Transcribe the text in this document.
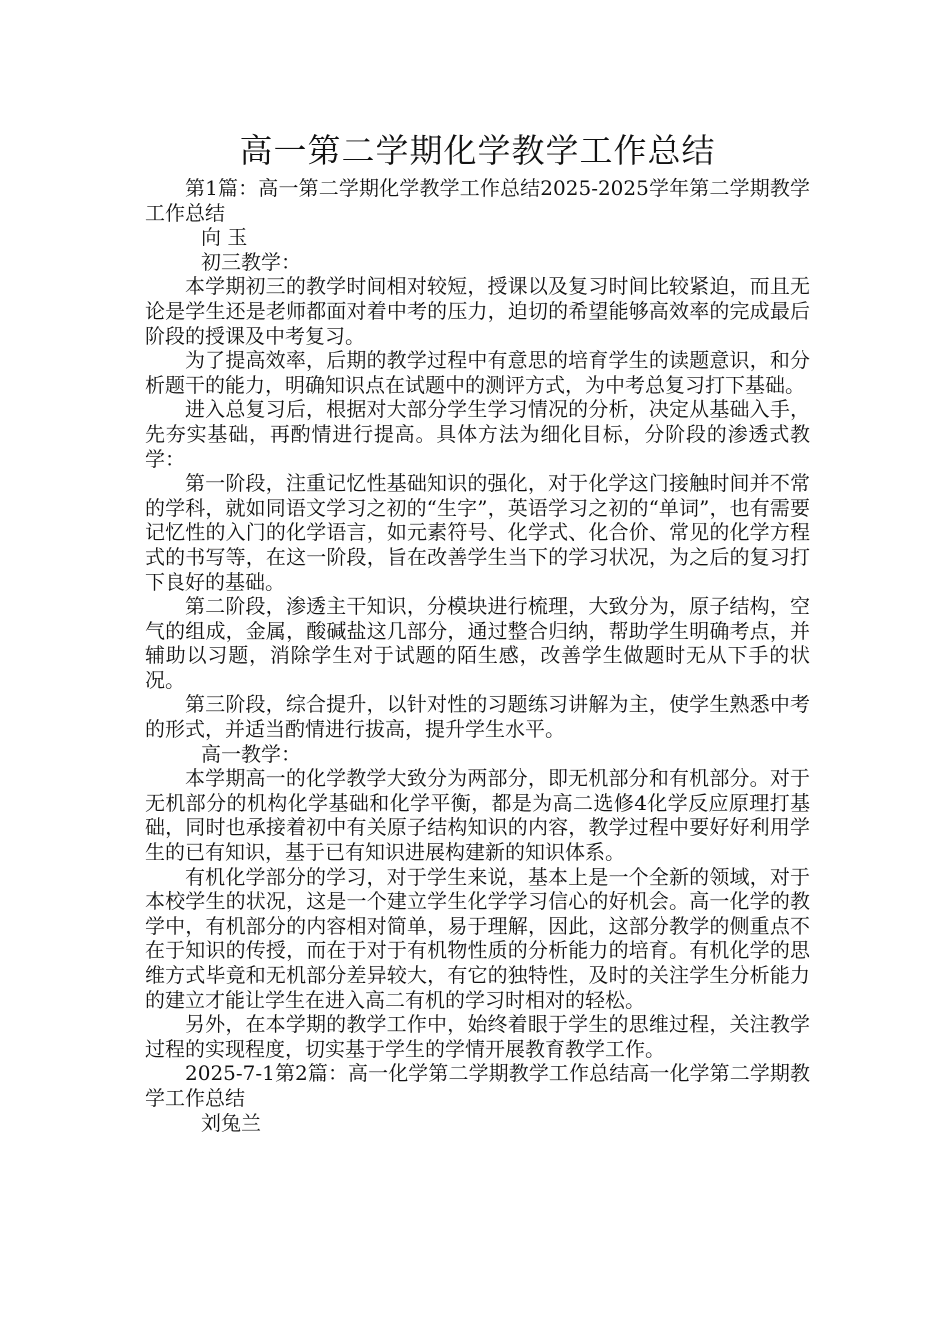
高一第二学期化学教学工作总结

第1篇：高一第二学期化学教学工作总结2025-2025学年第二学期教学工作总结

向 玉

初三教学：

本学期初三的教学时间相对较短，授课以及复习时间比较紧迫，而且无论是学生还是老师都面对着中考的压力，迫切的希望能够高效率的完成最后阶段的授课及中考复习。

为了提高效率，后期的教学过程中有意思的培育学生的读题意识，和分析题干的能力，明确知识点在试题中的测评方式，为中考总复习打下基础。

进入总复习后，根据对大部分学生学习情况的分析，决定从基础入手，先夯实基础，再酌情进行提高。具体方法为细化目标，分阶段的渗透式教学：

第一阶段，注重记忆性基础知识的强化，对于化学这门接触时间并不常的学科，就如同语文学习之初的“生字”，英语学习之初的“单词”，也有需要记忆性的入门的化学语言，如元素符号、化学式、化合价、常见的化学方程式的书写等，在这一阶段，旨在改善学生当下的学习状况，为之后的复习打下良好的基础。

第二阶段，渗透主干知识，分模块进行梳理，大致分为，原子结构，空气的组成，金属，酸碱盐这几部分，通过整合归纳，帮助学生明确考点，并辅助以习题，消除学生对于试题的陌生感，改善学生做题时无从下手的状况。

第三阶段，综合提升，以针对性的习题练习讲解为主，使学生熟悉中考的形式，并适当酌情进行拔高，提升学生水平。

高一教学：

本学期高一的化学教学大致分为两部分，即无机部分和有机部分。对于无机部分的机构化学基础和化学平衡，都是为高二选修4化学反应原理打基础，同时也承接着初中有关原子结构知识的内容，教学过程中要好好利用学生的已有知识，基于已有知识进展构建新的知识体系。

有机化学部分的学习，对于学生来说，基本上是一个全新的领域，对于本校学生的状况，这是一个建立学生化学学习信心的好机会。高一化学的教学中，有机部分的内容相对简单，易于理解，因此，这部分教学的侧重点不在于知识的传授，而在于对于有机物性质的分析能力的培育。有机化学的思维方式毕竟和无机部分差异较大，有它的独特性，及时的关注学生分析能力的建立才能让学生在进入高二有机的学习时相对的轻松。

另外，在本学期的教学工作中，始终着眼于学生的思维过程，关注教学过程的实现程度，切实基于学生的学情开展教育教学工作。

2025-7-1第2篇：高一化学第二学期教学工作总结高一化学第二学期教学工作总结

刘兔兰
